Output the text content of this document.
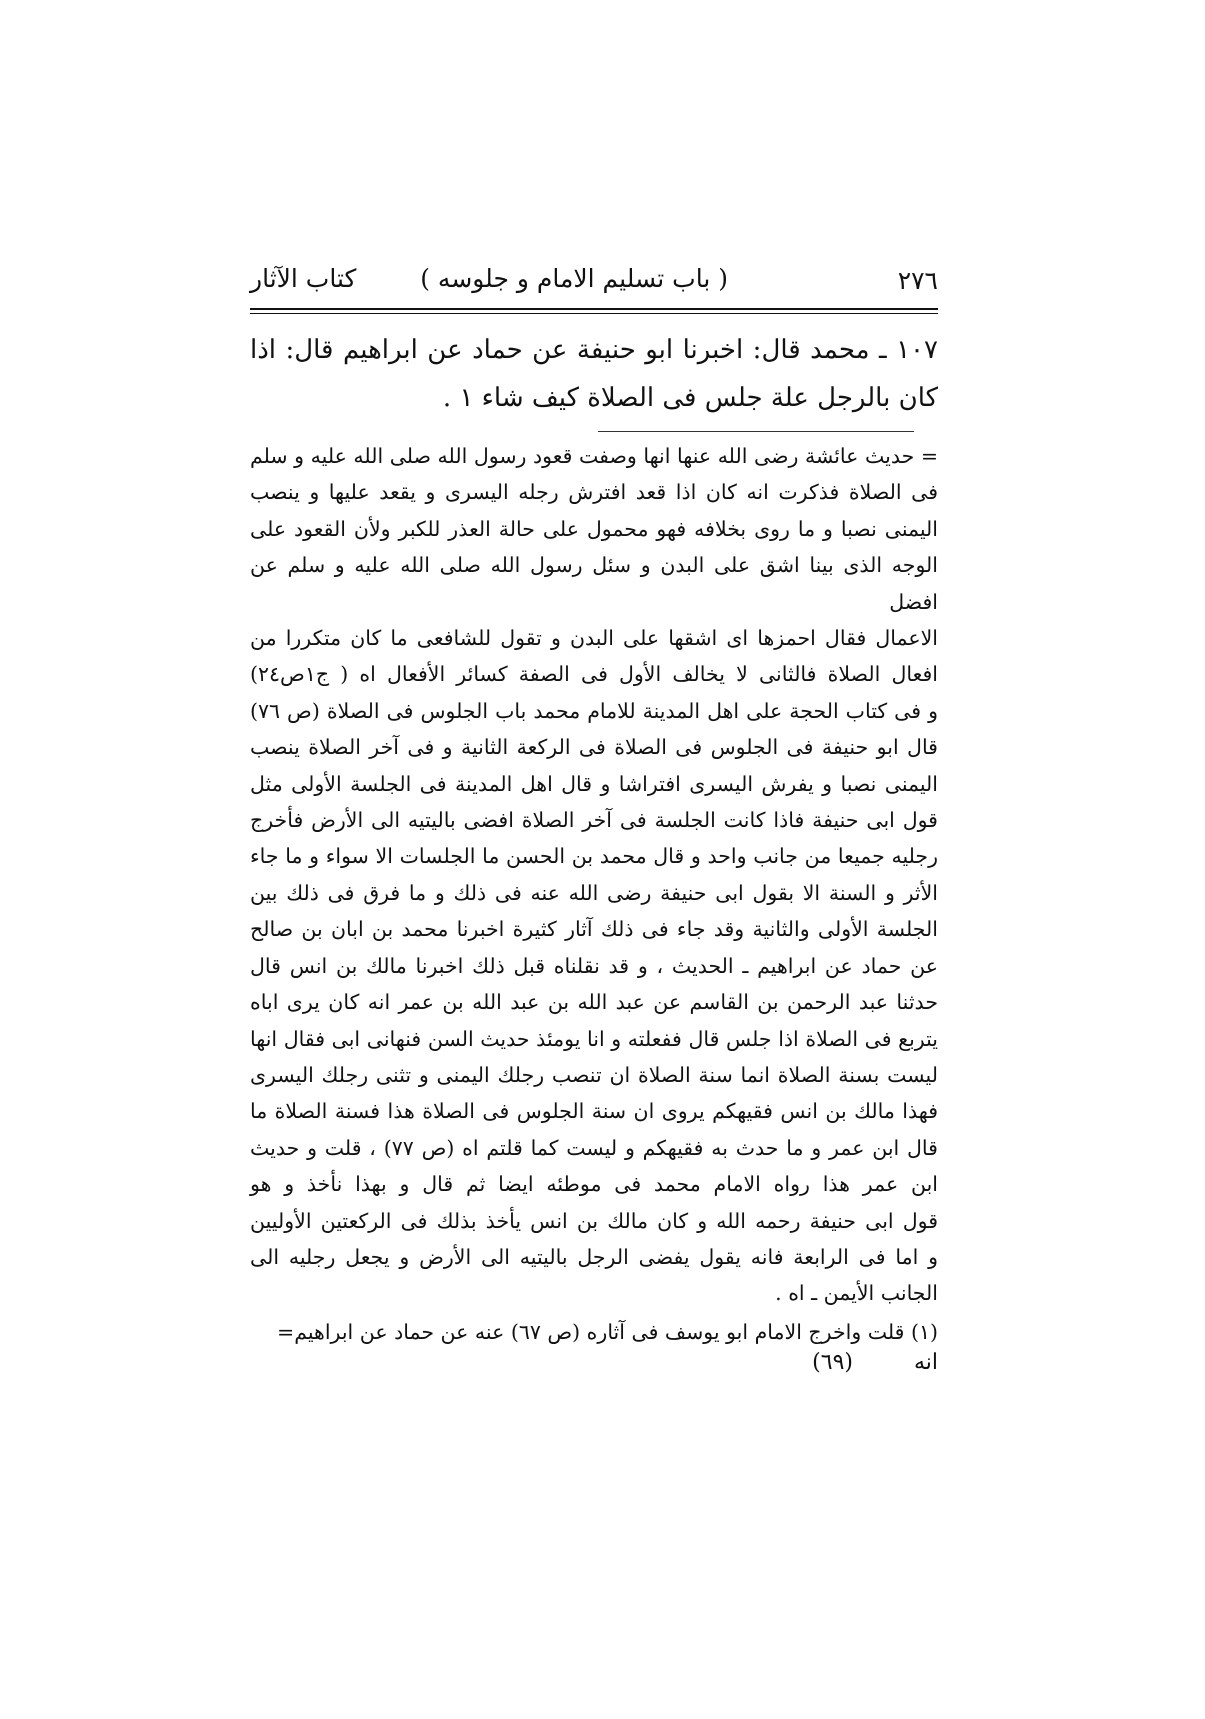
٢٧٦
( باب تسليم الامام و جلوسه )
كتاب الآثار

١٠٧ ـ محمد قال: اخبرنا ابو حنيفة عن حماد عن ابراهيم قال: اذا

كان بالرجل علة جلس فى الصلاة كيف شاء ١ .

= حديث عائشة رضى الله عنها انها وصفت قعود رسول الله صلى الله عليه و سلم

فى الصلاة فذكرت انه كان اذا قعد افترش رجله اليسرى و يقعد عليها و ينصب

اليمنى نصبا و ما روى بخلافه فهو محمول على حالة العذر للكبر ولأن القعود على

الوجه الذى بينا اشق على البدن و سئل رسول الله صلى الله عليه و سلم عن افضل

الاعمال فقال احمزها اى اشقها على البدن و تقول للشافعى ما كان متكررا من

افعال الصلاة فالثانى لا يخالف الأول فى الصفة كسائر الأفعال اه ( ج١ص٢٤)

و فى كتاب الحجة على اهل المدينة للامام محمد باب الجلوس فى الصلاة (ص ٧٦)

قال ابو حنيفة فى الجلوس فى الصلاة فى الركعة الثانية و فى آخر الصلاة ينصب

اليمنى نصبا و يفرش اليسرى افتراشا و قال اهل المدينة فى الجلسة الأولى مثل

قول ابى حنيفة فاذا كانت الجلسة فى آخر الصلاة افضى باليتيه الى الأرض فأخرج

رجليه جميعا من جانب واحد و قال محمد بن الحسن ما الجلسات الا سواء و ما جاء

الأثر و السنة الا بقول ابى حنيفة رضى الله عنه فى ذلك و ما فرق فى ذلك بين

الجلسة الأولى والثانية وقد جاء فى ذلك آثار كثيرة اخبرنا محمد بن ابان بن صالح

عن حماد عن ابراهيم ـ الحديث ، و قد نقلناه قبل ذلك اخبرنا مالك بن انس قال

حدثنا عبد الرحمن بن القاسم عن عبد الله بن عبد الله بن عمر انه كان يرى اباه

يتربع فى الصلاة اذا جلس قال ففعلته و انا يومئذ حديث السن فنهانى ابى فقال انها

ليست بسنة الصلاة انما سنة الصلاة ان تنصب رجلك اليمنى و تثنى رجلك اليسرى

فهذا مالك بن انس فقيهكم يروى ان سنة الجلوس فى الصلاة هذا فسنة الصلاة ما

قال ابن عمر و ما حدث به فقيهكم و ليست كما قلتم اه (ص ٧٧) ، قلت و حديث

ابن عمر هذا رواه الامام محمد فى موطئه ايضا ثم قال و بهذا نأخذ و هو

قول ابى حنيفة رحمه الله و كان مالك بن انس يأخذ بذلك فى الركعتين الأوليين

و اما فى الرابعة فانه يقول يفضى الرجل باليتيه الى الأرض و يجعل رجليه الى

الجانب الأيمن ـ اه .

(١) قلت واخرج الامام ابو يوسف فى آثاره (ص ٦٧) عنه عن حماد عن ابراهيم=

انه
(٦٩)
